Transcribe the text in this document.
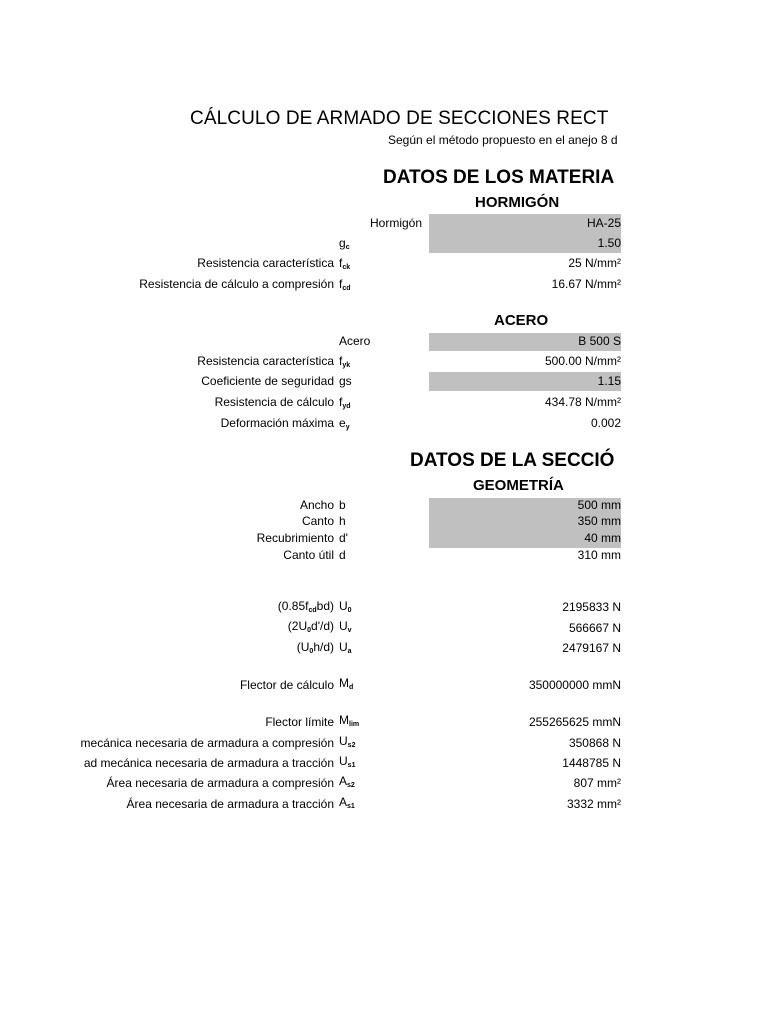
CÁLCULO DE ARMADO DE SECCIONES RECT
Según el método propuesto en el anejo 8 d
DATOS DE LOS MATERIA
HORMIGÓN
Hormigón	HA-25
$g_c$	1.50
Resistencia característica $f_{ck}$	25 N/mm²
Resistencia de cálculo a compresión $f_{cd}$	16.67 N/mm²
ACERO
Acero	B 500 S
Resistencia característica $f_{yk}$	500.00 N/mm²
Coeficiente de seguridad gs	1.15
Resistencia de cálculo $f_{yd}$	434.78 N/mm²
Deformación máxima $e_y$	0.002
DATOS DE LA SECCIÓ
GEOMETRÍA
Ancho b	500 mm
Canto h	350 mm
Recubrimiento d'	40 mm
Canto útil d	310 mm
$(0.85f_{cd}bd)$ $U_0$	2195833 N
$(2U_0d'/d)$ $U_v$	566667 N
$(U_0h/d)$ $U_a$	2479167 N
Flector de cálculo $M_d$	350000000 mmN
Flector límite $M_{lim}$	255265625 mmN
mecánica necesaria de armadura a compresión $U_{s2}$	350868 N
ad mecánica necesaria de armadura a tracción $U_{s1}$	1448785 N
Área necesaria de armadura a compresión $A_{s2}$	807 mm²
Área necesaria de armadura a tracción $A_{s1}$	3332 mm²
